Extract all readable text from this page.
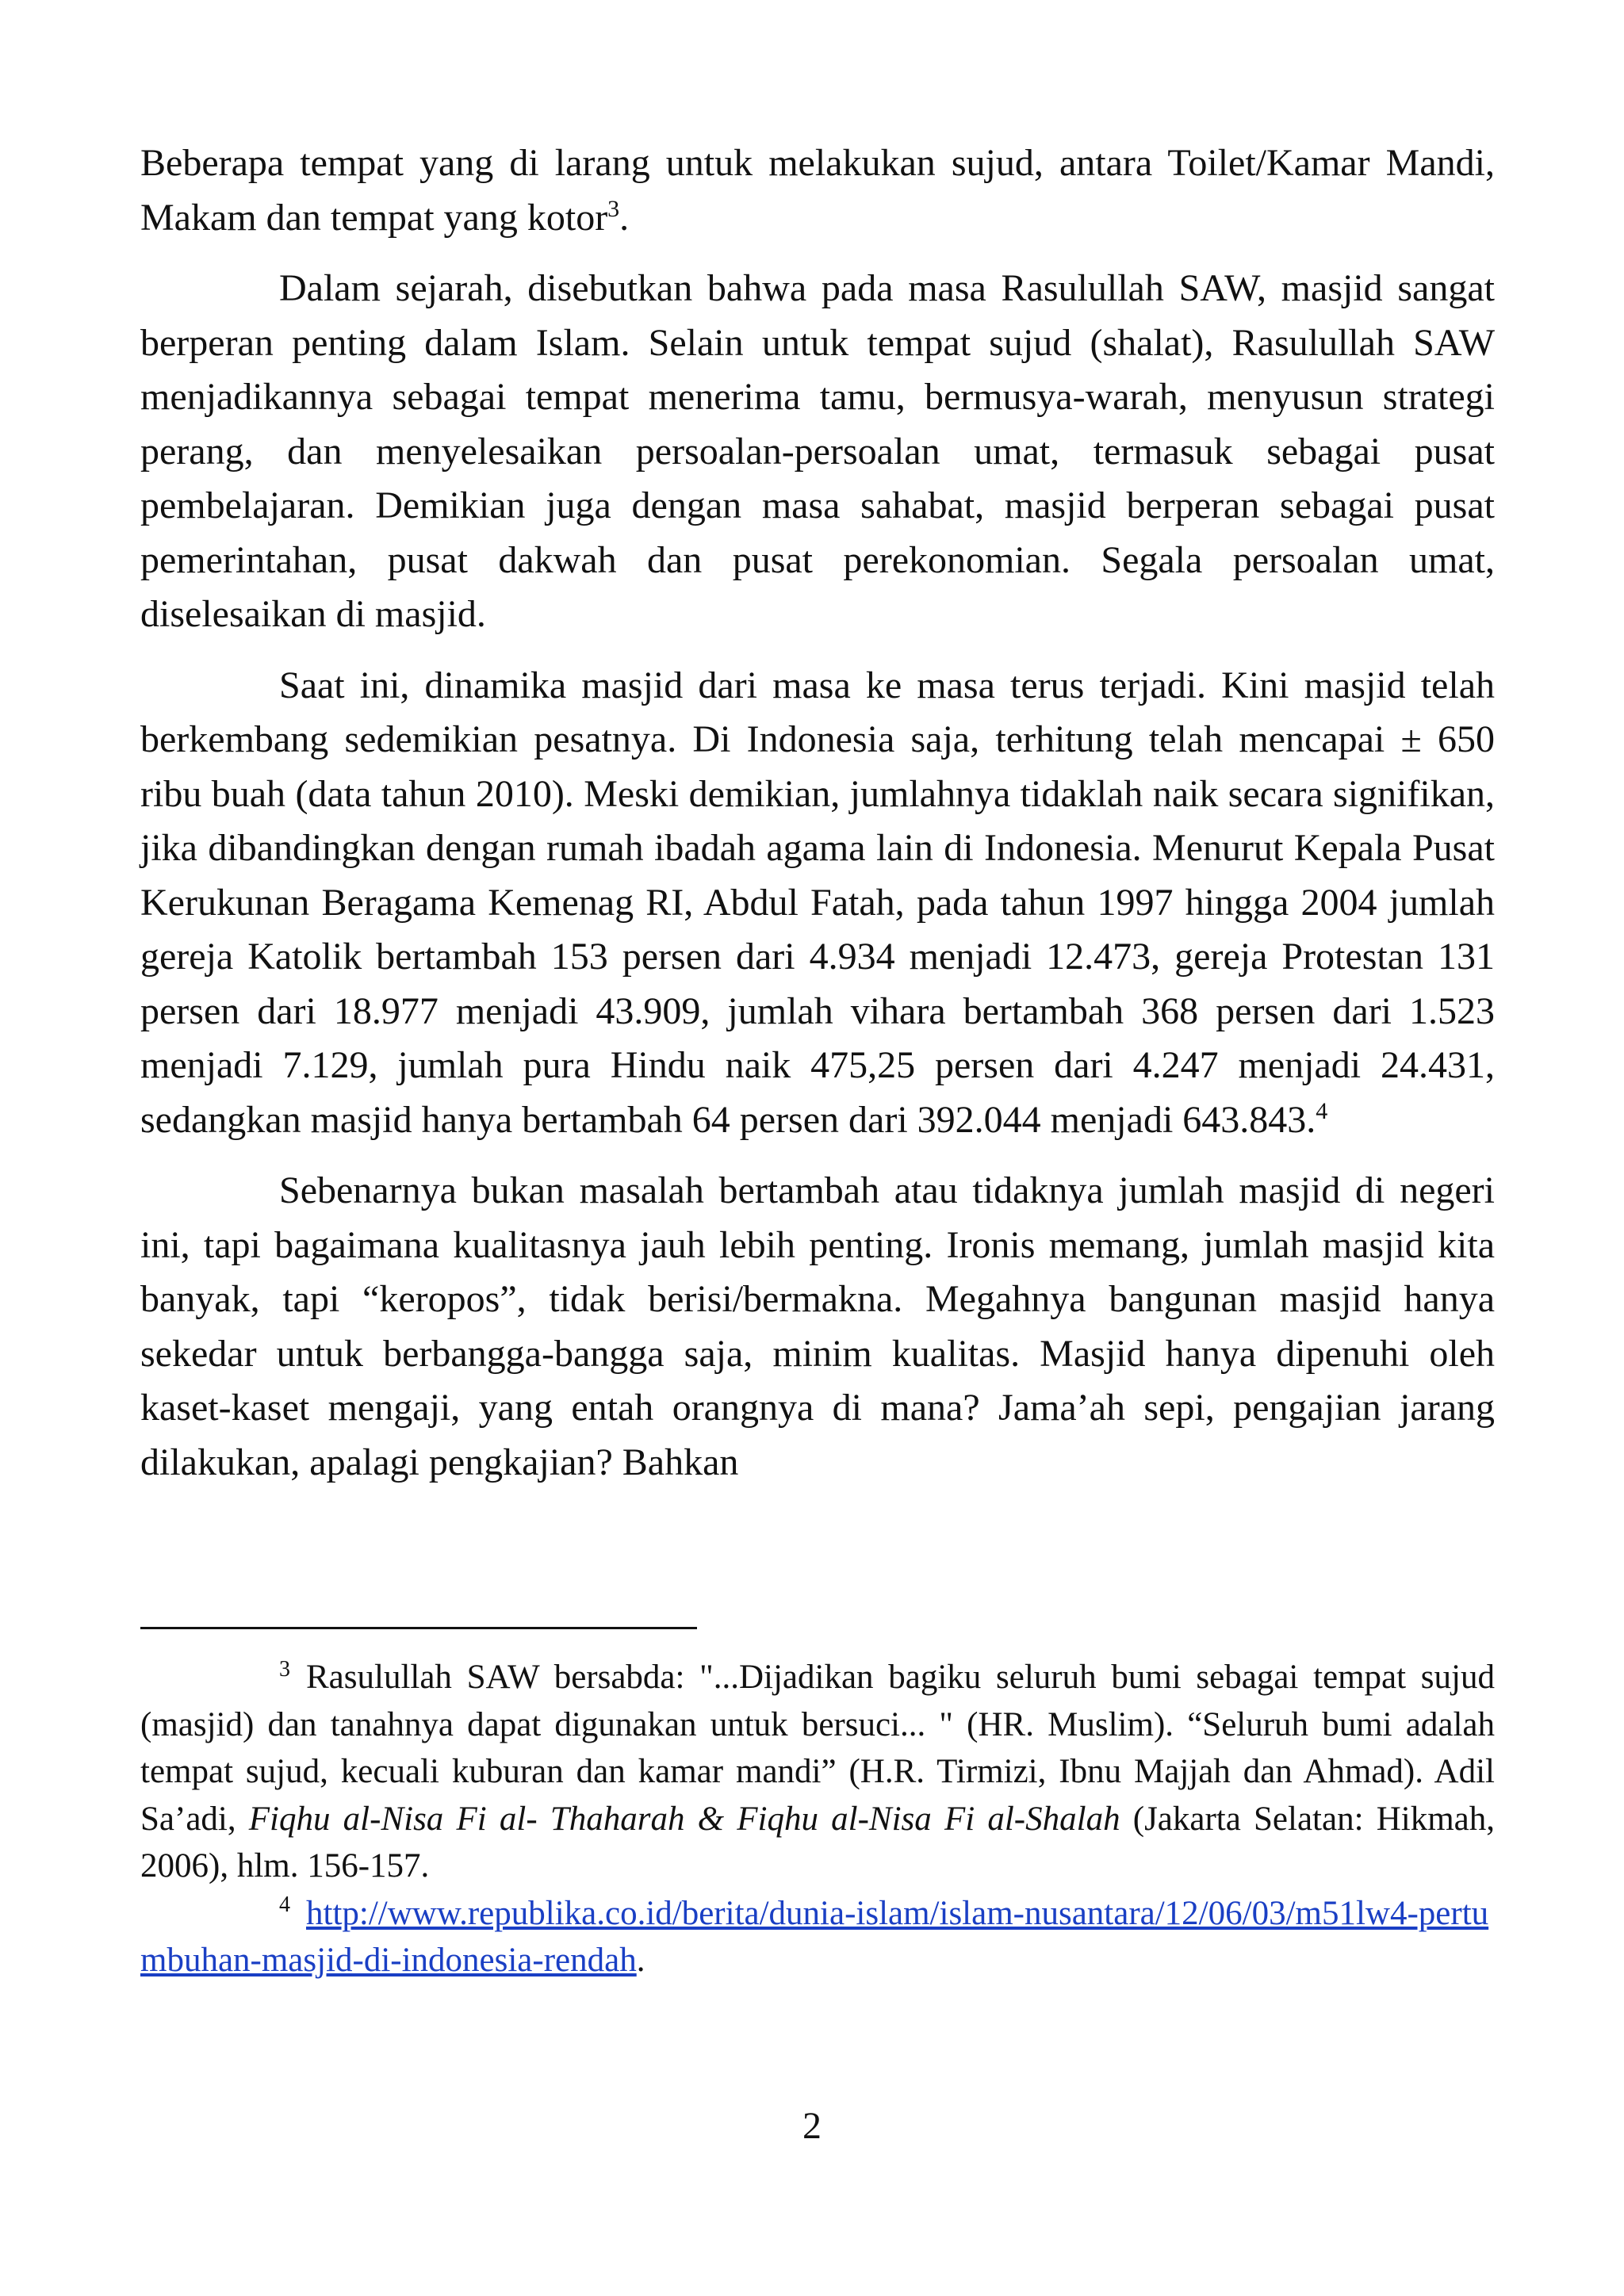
Beberapa tempat yang di larang untuk melakukan sujud, antara Toilet/Kamar Mandi, Makam dan tempat yang kotor$^3$.

Dalam sejarah, disebutkan bahwa pada masa Rasulullah SAW, masjid sangat berperan penting dalam Islam. Selain untuk tempat sujud (shalat), Rasulullah SAW menjadikannya sebagai tempat menerima tamu, bermusya-warah, menyusun strategi perang, dan menyelesaikan persoalan-persoalan umat, termasuk sebagai pusat pembelajaran. Demikian juga dengan masa sahabat, masjid berperan sebagai pusat pemerintahan, pusat dakwah dan pusat perekonomian. Segala persoalan umat, diselesaikan di masjid.

Saat ini, dinamika masjid dari masa ke masa terus terjadi. Kini masjid telah berkembang sedemikian pesatnya. Di Indonesia saja, terhitung telah mencapai ± 650 ribu buah (data tahun 2010). Meski demikian, jumlahnya tidaklah naik secara signifikan, jika dibandingkan dengan rumah ibadah agama lain di Indonesia. Menurut Kepala Pusat Kerukunan Beragama Kemenag RI, Abdul Fatah, pada tahun 1997 hingga 2004 jumlah gereja Katolik bertambah 153 persen dari 4.934 menjadi 12.473, gereja Protestan 131 persen dari 18.977 menjadi 43.909, jumlah vihara bertambah 368 persen dari 1.523 menjadi 7.129, jumlah pura Hindu naik 475,25 persen dari 4.247 menjadi 24.431, sedangkan masjid hanya bertambah 64 persen dari 392.044 menjadi 643.843.$^4$

Sebenarnya bukan masalah bertambah atau tidaknya jumlah masjid di negeri ini, tapi bagaimana kualitasnya jauh lebih penting. Ironis memang, jumlah masjid kita banyak, tapi “keropos”, tidak berisi/bermakna. Megahnya bangunan masjid hanya sekedar untuk berbangga-bangga saja, minim kualitas. Masjid hanya dipenuhi oleh kaset-kaset mengaji, yang entah orangnya di mana? Jama’ah sepi, pengajian jarang dilakukan, apalagi pengkajian? Bahkan

$^3$ Rasulullah SAW bersabda: "...Dijadikan bagiku seluruh bumi sebagai tempat sujud (masjid) dan tanahnya dapat digunakan untuk bersuci... " (HR. Muslim). “Seluruh bumi adalah tempat sujud, kecuali kuburan dan kamar mandi” (H.R. Tirmizi, Ibnu Majjah dan Ahmad). Adil Sa’adi, Fiqhu al-Nisa Fi al- Thaharah & Fiqhu al-Nisa Fi al-Shalah (Jakarta Selatan: Hikmah, 2006), hlm. 156-157.

$^4$ http://www.republika.co.id/berita/dunia-islam/islam-nusantara/12/06/03/m51lw4-pertumbuhan-masjid-di-indonesia-rendah.

2
